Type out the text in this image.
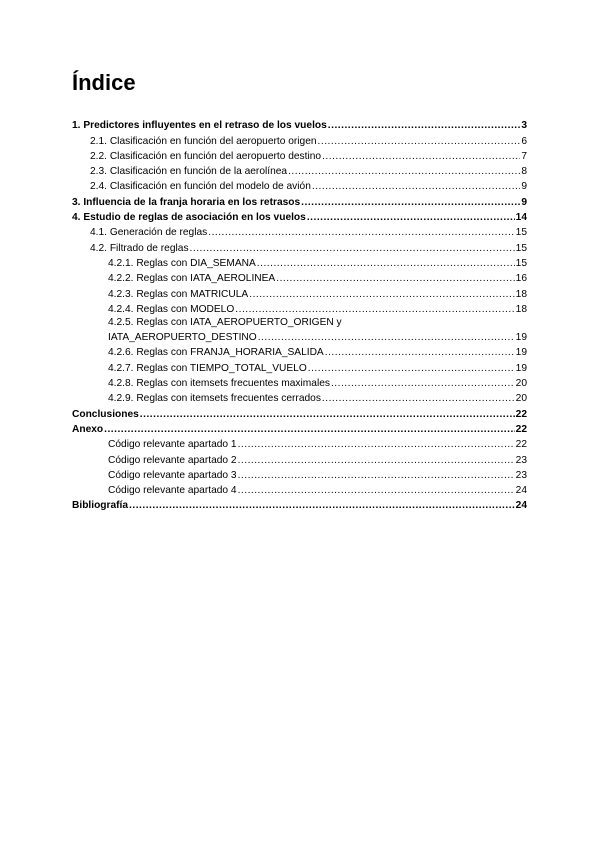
Índice
1. Predictores influyentes en el retraso de los vuelos .....	3
2.1. Clasificación en función del aeropuerto origen .....	6
2.2. Clasificación en función del aeropuerto destino .....	7
2.3. Clasificación en función de la aerolínea .....	8
2.4. Clasificación en función del modelo de avión .....	9
3. Influencia de la franja horaria en los retrasos .....	9
4. Estudio de reglas de asociación en los vuelos .....	14
4.1. Generación de reglas .....	15
4.2. Filtrado de reglas .....	15
4.2.1. Reglas con DIA_SEMANA .....	15
4.2.2. Reglas con IATA_AEROLINEA .....	16
4.2.3. Reglas con MATRICULA .....	18
4.2.4. Reglas con MODELO .....	18
4.2.5. Reglas con IATA_AEROPUERTO_ORIGEN y
IATA_AEROPUERTO_DESTINO .....	19
4.2.6. Reglas con FRANJA_HORARIA_SALIDA .....	19
4.2.7. Reglas con TIEMPO_TOTAL_VUELO .....	19
4.2.8. Reglas con itemsets frecuentes maximales .....	20
4.2.9. Reglas con itemsets frecuentes cerrados .....	20
Conclusiones .....	22
Anexo .....	22
Código relevante apartado 1 .....	22
Código relevante apartado 2 .....	23
Código relevante apartado 3 .....	23
Código relevante apartado 4 .....	24
Bibliografía .....	24
